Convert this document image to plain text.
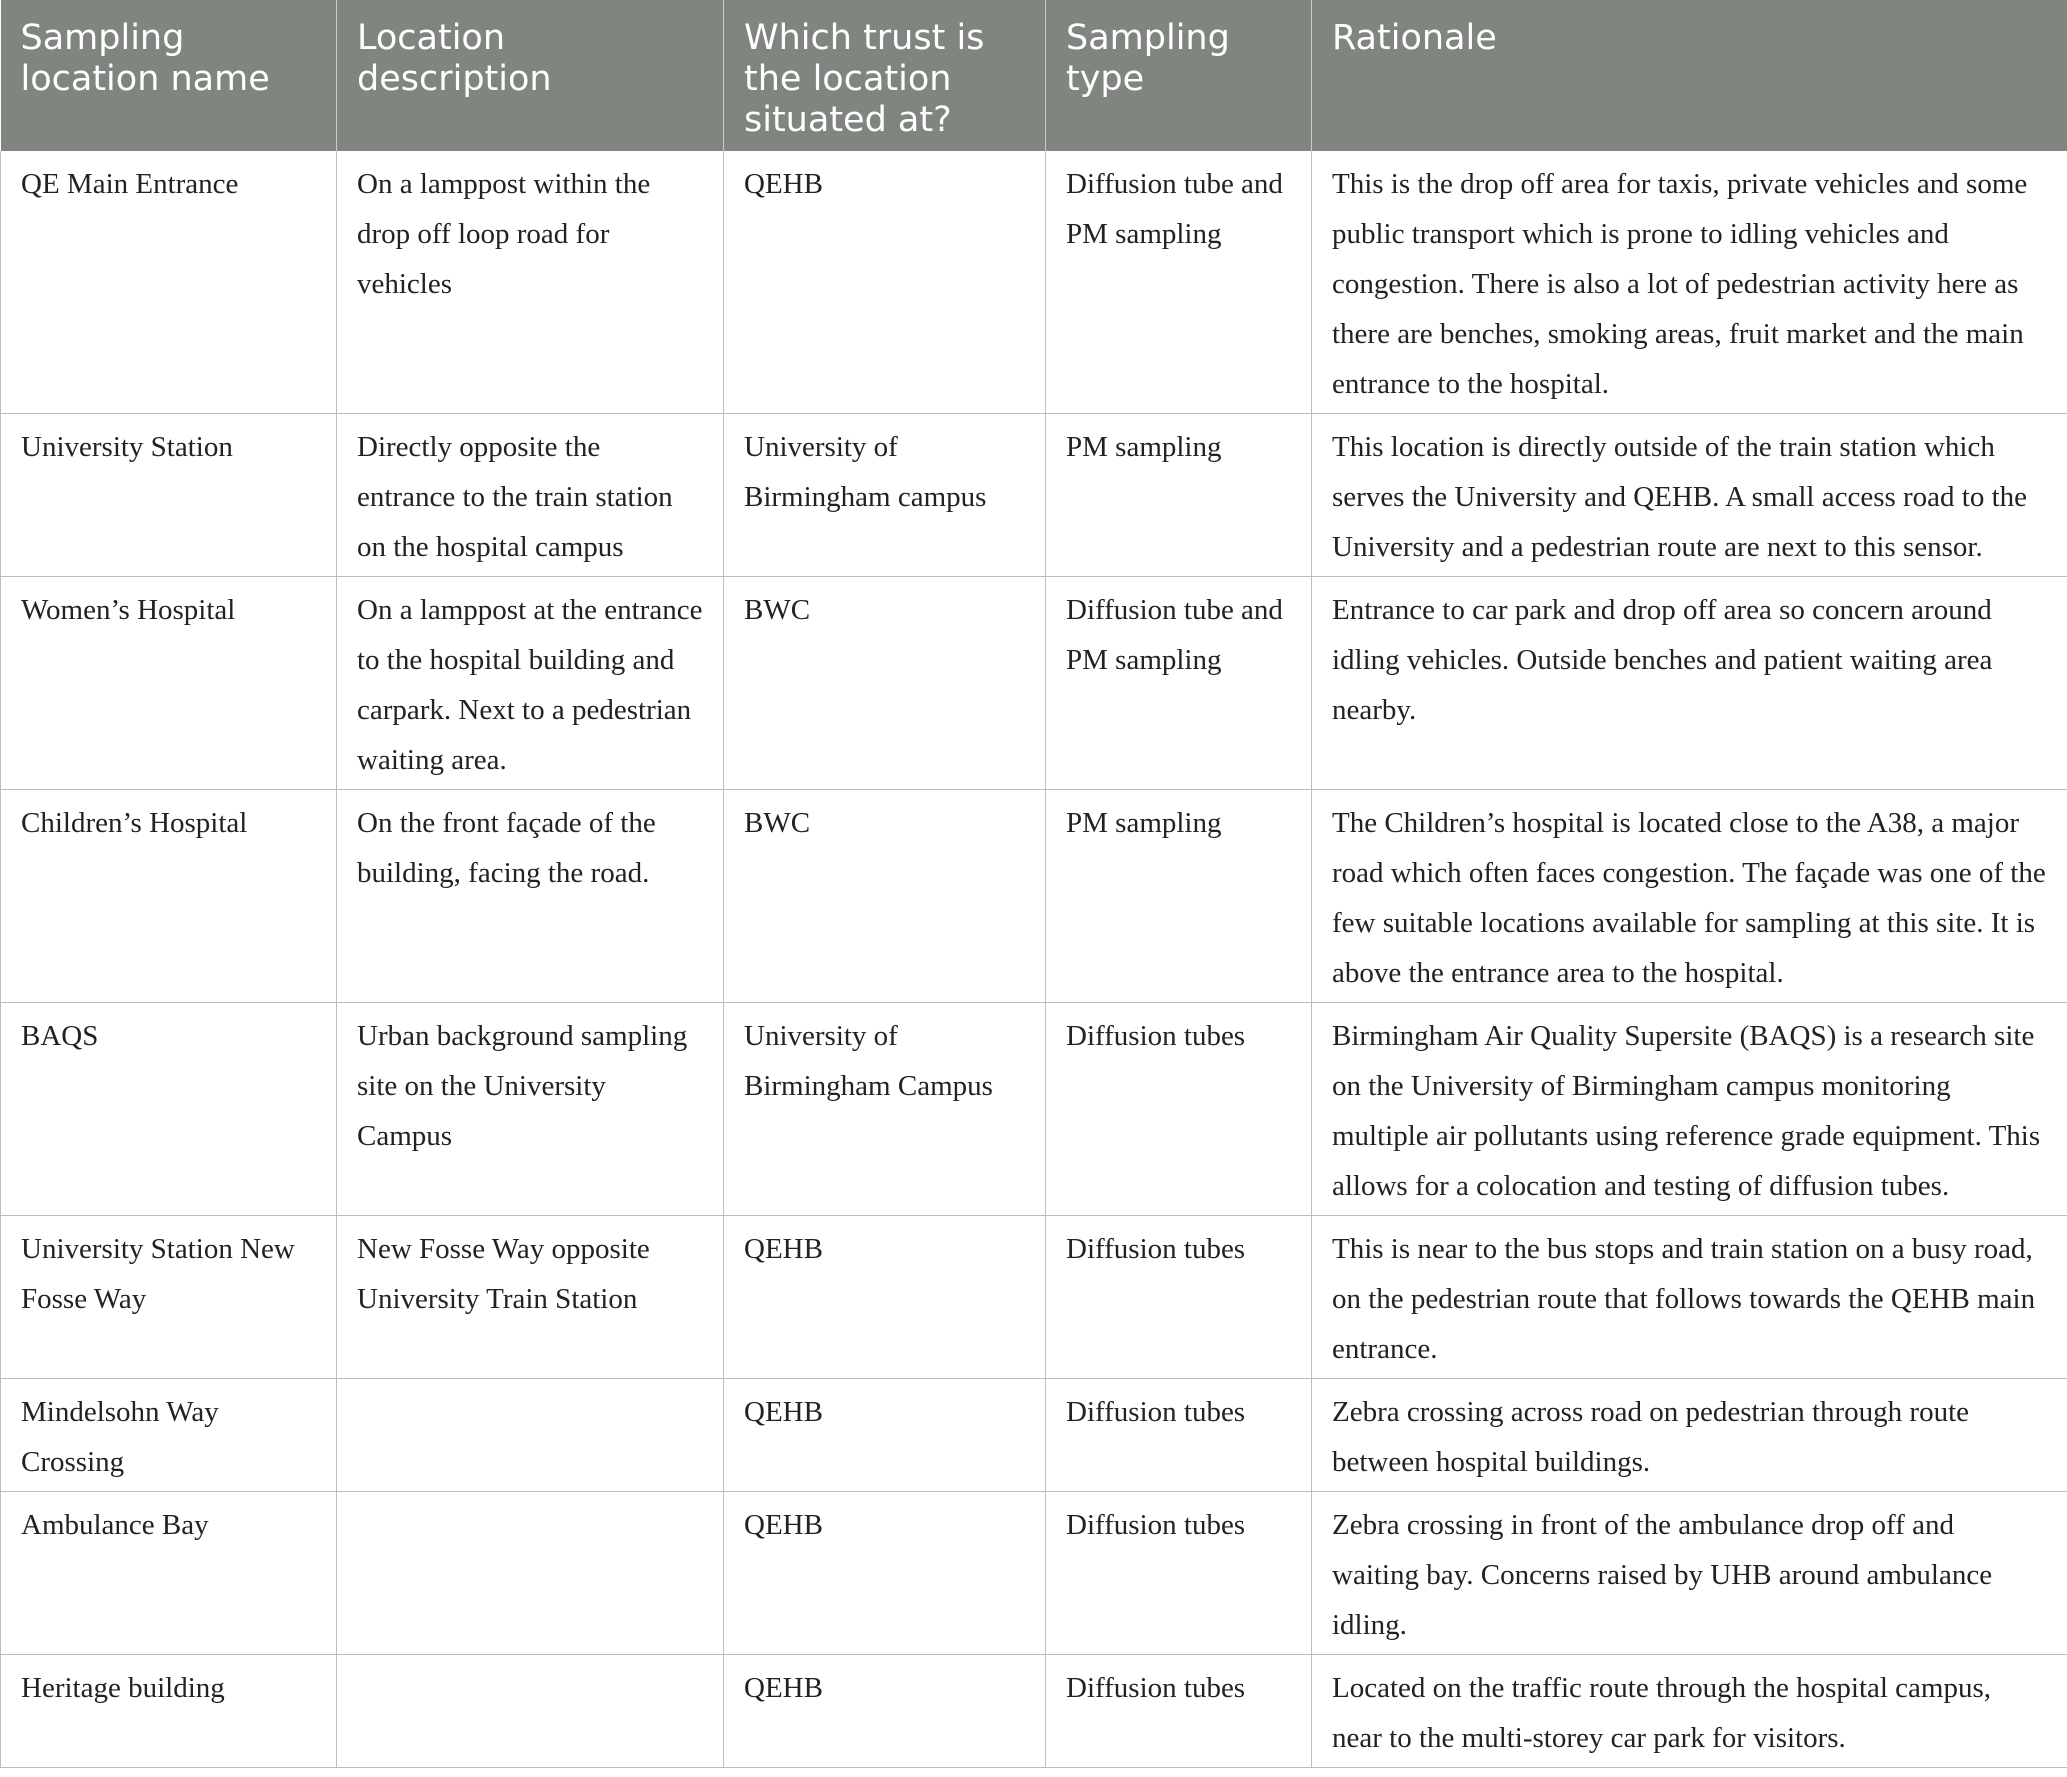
Sampling location name	Location description	Which trust is the location situated at?	Sampling type	Rationale
QE Main Entrance	On a lamppost within the drop off loop road for vehicles	QEHB	Diffusion tube and PM sampling	This is the drop off area for taxis, private vehicles and some public transport which is prone to idling vehicles and congestion. There is also a lot of pedestrian activity here as there are benches, smoking areas, fruit market and the main entrance to the hospital.
University Station	Directly opposite the entrance to the train station on the hospital campus	University of Birmingham campus	PM sampling	This location is directly outside of the train station which serves the University and QEHB. A small access road to the University and a pedestrian route are next to this sensor.
Women’s Hospital	On a lamppost at the entrance to the hospital building and carpark. Next to a pedestrian waiting area.	BWC	Diffusion tube and PM sampling	Entrance to car park and drop off area so concern around idling vehicles. Outside benches and patient waiting area nearby.
Children’s Hospital	On the front façade of the building, facing the road.	BWC	PM sampling	The Children’s hospital is located close to the A38, a major road which often faces congestion. The façade was one of the few suitable locations available for sampling at this site. It is above the entrance area to the hospital.
BAQS	Urban background sampling site on the University Campus	University of Birmingham Campus	Diffusion tubes	Birmingham Air Quality Supersite (BAQS) is a research site on the University of Birmingham campus monitoring multiple air pollutants using reference grade equipment. This allows for a colocation and testing of diffusion tubes.
University Station New Fosse Way	New Fosse Way opposite University Train Station	QEHB	Diffusion tubes	This is near to the bus stops and train station on a busy road, on the pedestrian route that follows towards the QEHB main entrance.
Mindelsohn Way Crossing		QEHB	Diffusion tubes	Zebra crossing across road on pedestrian through route between hospital buildings.
Ambulance Bay		QEHB	Diffusion tubes	Zebra crossing in front of the ambulance drop off and waiting bay. Concerns raised by UHB around ambulance idling.
Heritage building		QEHB	Diffusion tubes	Located on the traffic route through the hospital campus, near to the multi-storey car park for visitors.
